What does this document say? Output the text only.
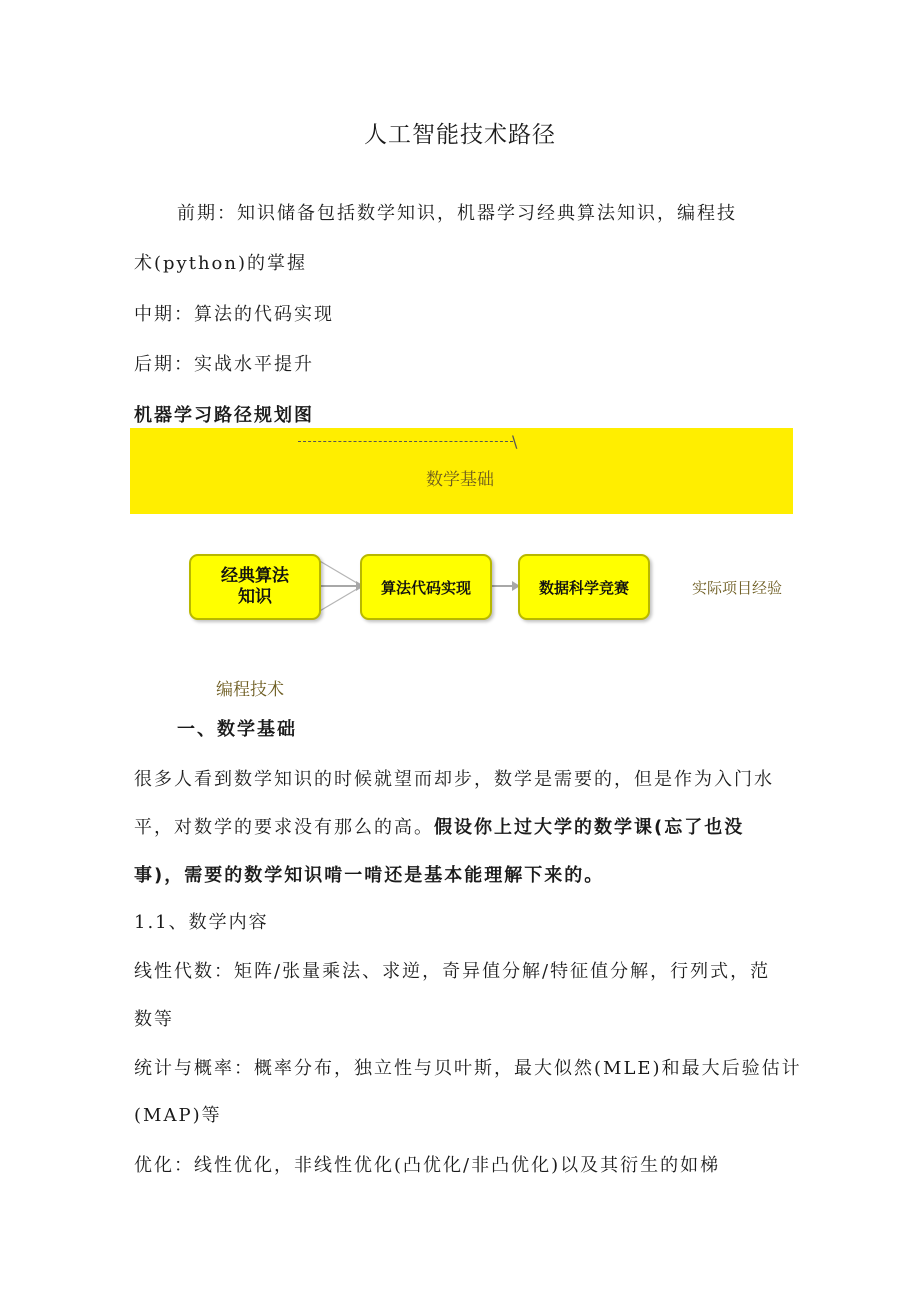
人工智能技术路径
前期：知识储备包括数学知识，机器学习经典算法知识，编程技
术(python)的掌握
中期：算法的代码实现
后期：实战水平提升
机器学习路径规划图
\
数学基础
经典算法
知识	算法代码实现	数据科学竞赛	实际项目经验
编程技术
一、数学基础
很多人看到数学知识的时候就望而却步，数学是需要的，但是作为入门水
平，对数学的要求没有那么的高。假设你上过大学的数学课(忘了也没
事)，需要的数学知识啃一啃还是基本能理解下来的。
1.1、数学内容
线性代数：矩阵/张量乘法、求逆，奇异值分解/特征值分解，行列式，范
数等
统计与概率：概率分布，独立性与贝叶斯，最大似然(MLE)和最大后验估计
(MAP)等
优化：线性优化，非线性优化(凸优化/非凸优化)以及其衍生的如梯
